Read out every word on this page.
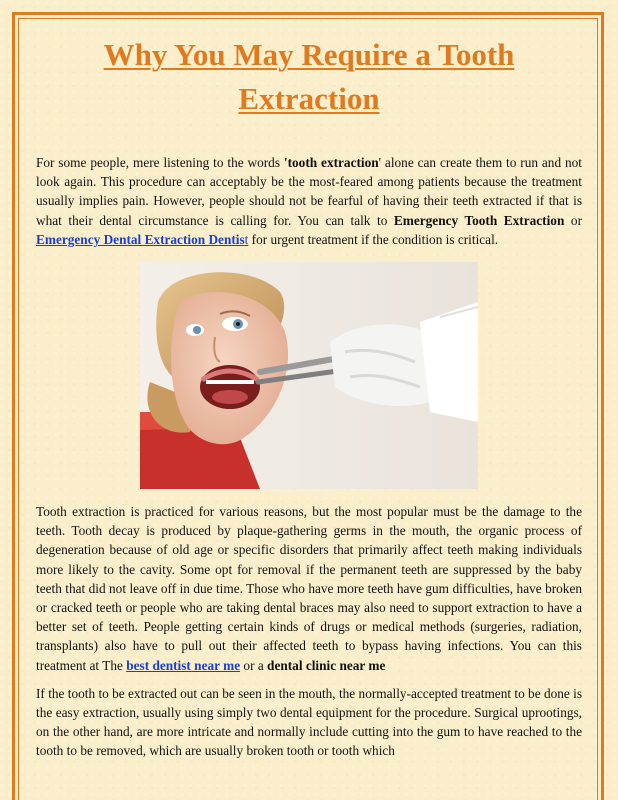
Why You May Require a Tooth Extraction

For some people, mere listening to the words 'tooth extraction' alone can create them to run and not look again. This procedure can acceptably be the most-feared among patients because the treatment usually implies pain. However, people should not be fearful of having their teeth extracted if that is what their dental circumstance is calling for. You can talk to Emergency Tooth Extraction or Emergency Dental Extraction Dentist for urgent treatment if the condition is critical.

Tooth extraction is practiced for various reasons, but the most popular must be the damage to the teeth. Tooth decay is produced by plaque-gathering germs in the mouth, the organic process of degeneration because of old age or specific disorders that primarily affect teeth making individuals more likely to the cavity. Some opt for removal if the permanent teeth are suppressed by the baby teeth that did not leave off in due time. Those who have more teeth have gum difficulties, have broken or cracked teeth or people who are taking dental braces may also need to support extraction to have a better set of teeth. People getting certain kinds of drugs or medical methods (surgeries, radiation, transplants) also have to pull out their affected teeth to bypass having infections. You can this treatment at The best dentist near me or a dental clinic near me

If the tooth to be extracted out can be seen in the mouth, the normally-accepted treatment to be done is the easy extraction, usually using simply two dental equipment for the procedure. Surgical uprootings, on the other hand, are more intricate and normally include cutting into the gum to have reached to the tooth to be removed, which are usually broken tooth or tooth which
